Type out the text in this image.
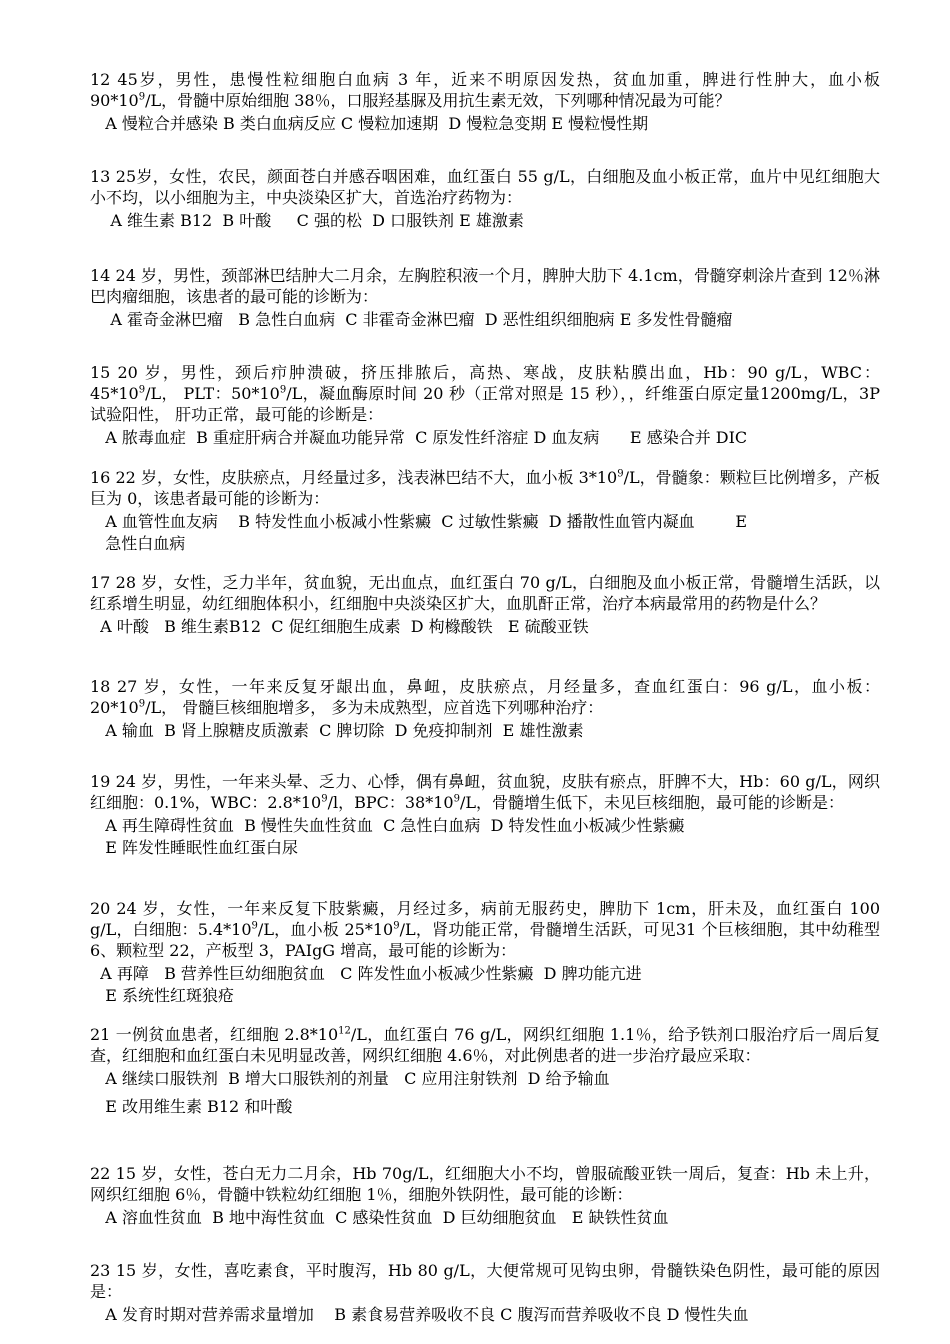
12 45岁，男性，患慢性粒细胞白血病 3 年，近来不明原因发热，贫血加重，脾进行性肿大，血小板$90*10^9/L$，骨髓中原始细胞 38％，口服羟基脲及用抗生素无效，下列哪种情况最为可能？

A 慢粒合并感染 B 类白血病反应 C 慢粒加速期  D 慢粒急变期 E 慢粒慢性期

13 25岁，女性，农民，颜面苍白并感吞咽困难，血红蛋白 55 g/L，白细胞及血小板正常，血片中见红细胞大小不均，以小细胞为主，中央淡染区扩大，首选治疗药物为：

A 维生素 B12  B 叶酸     C 强的松  D 口服铁剂 E 雄激素

14 24 岁，男性，颈部淋巴结肿大二月余，左胸腔积液一个月，脾肿大肋下 4.1cm，骨髓穿刺涂片查到 12％淋巴肉瘤细胞，该患者的最可能的诊断为：

A 霍奇金淋巴瘤   B 急性白血病  C 非霍奇金淋巴瘤  D 恶性组织细胞病 E 多发性骨髓瘤

15 20 岁，男性，颈后疖肿溃破，挤压排脓后，高热、寒战，皮肤粘膜出血，Hb：90 g/L，WBC：$45*10^9/L$， PLT：$50*10^9/L$，凝血酶原时间 20 秒（正常对照是 15 秒），，纤维蛋白原定量1200mg/L，3P 试验阳性， 肝功正常，最可能的诊断是：

A 脓毒血症  B 重症肝病合并凝血功能异常  C 原发性纤溶症 D 血友病      E 感染合并 DIC

16 22 岁，女性，皮肤瘀点，月经量过多，浅表淋巴结不大，血小板 $3*10^9/L$，骨髓象：颗粒巨比例增多，产板巨为 0，该患者最可能的诊断为：

A 血管性血友病    B 特发性血小板减小性紫癜  C 过敏性紫癜  D 播散性血管内凝血        E
急性白血病

17 28 岁，女性，乏力半年，贫血貌，无出血点，血红蛋白 70 g/L，白细胞及血小板正常，骨髓增生活跃，以红系增生明显，幼红细胞体积小，红细胞中央淡染区扩大，血肌酐正常，治疗本病最常用的药物是什么？

A 叶酸   B 维生素B12  C 促红细胞生成素  D 枸橼酸铁   E 硫酸亚铁

18 27 岁，女性，一年来反复牙龈出血，鼻衄，皮肤瘀点，月经量多，查血红蛋白：96 g/L，血小板：$20*10^9/L$， 骨髓巨核细胞增多， 多为未成熟型，应首选下列哪种治疗：

A 输血  B 肾上腺糖皮质激素  C 脾切除  D 免疫抑制剂  E 雄性激素

19 24 岁，男性，一年来头晕、乏力、心悸，偶有鼻衄，贫血貌，皮肤有瘀点，肝脾不大，Hb：60 g/L，网织红细胞：0.1%，WBC：$2.8*10^9/l$，BPC：$38*10^9/L$，骨髓增生低下，未见巨核细胞，最可能的诊断是：

A 再生障碍性贫血  B 慢性失血性贫血  C 急性白血病  D 特发性血小板减少性紫癜
E 阵发性睡眠性血红蛋白尿

20 24 岁，女性，一年来反复下肢紫癜，月经过多，病前无服药史，脾肋下 1cm，肝未及，血红蛋白 100 g/L，白细胞：$5.4*10^9/L$，血小板 $25*10^9/L$，肾功能正常，骨髓增生活跃，可见31 个巨核细胞，其中幼稚型 6、颗粒型 22，产板型 3，PAIgG 增高，最可能的诊断为：

A 再障   B 营养性巨幼细胞贫血   C 阵发性血小板减少性紫癜  D 脾功能亢进
E 系统性红斑狼疮

21 一例贫血患者，红细胞 $2.8*10^{12}/L$，血红蛋白 76 g/L，网织红细胞 1.1％，给予铁剂口服治疗后一周后复查，红细胞和血红蛋白未见明显改善，网织红细胞 4.6％，对此例患者的进一步治疗最应采取：

A 继续口服铁剂  B 增大口服铁剂的剂量   C 应用注射铁剂  D 给予输血
E 改用维生素 B12 和叶酸

22 15 岁，女性，苍白无力二月余，Hb 70g/L，红细胞大小不均，曾服硫酸亚铁一周后，复查：Hb 未上升，网织红细胞 6％，骨髓中铁粒幼红细胞 1％，细胞外铁阴性，最可能的诊断：

A 溶血性贫血  B 地中海性贫血  C 感染性贫血  D 巨幼细胞贫血   E 缺铁性贫血

23 15 岁，女性，喜吃素食，平时腹泻，Hb 80 g/L，大便常规可见钩虫卵，骨髓铁染色阴性，最可能的原因是：

A 发育时期对营养需求量增加    B 素食易营养吸收不良 C 腹泻而营养吸收不良 D 慢性失血
